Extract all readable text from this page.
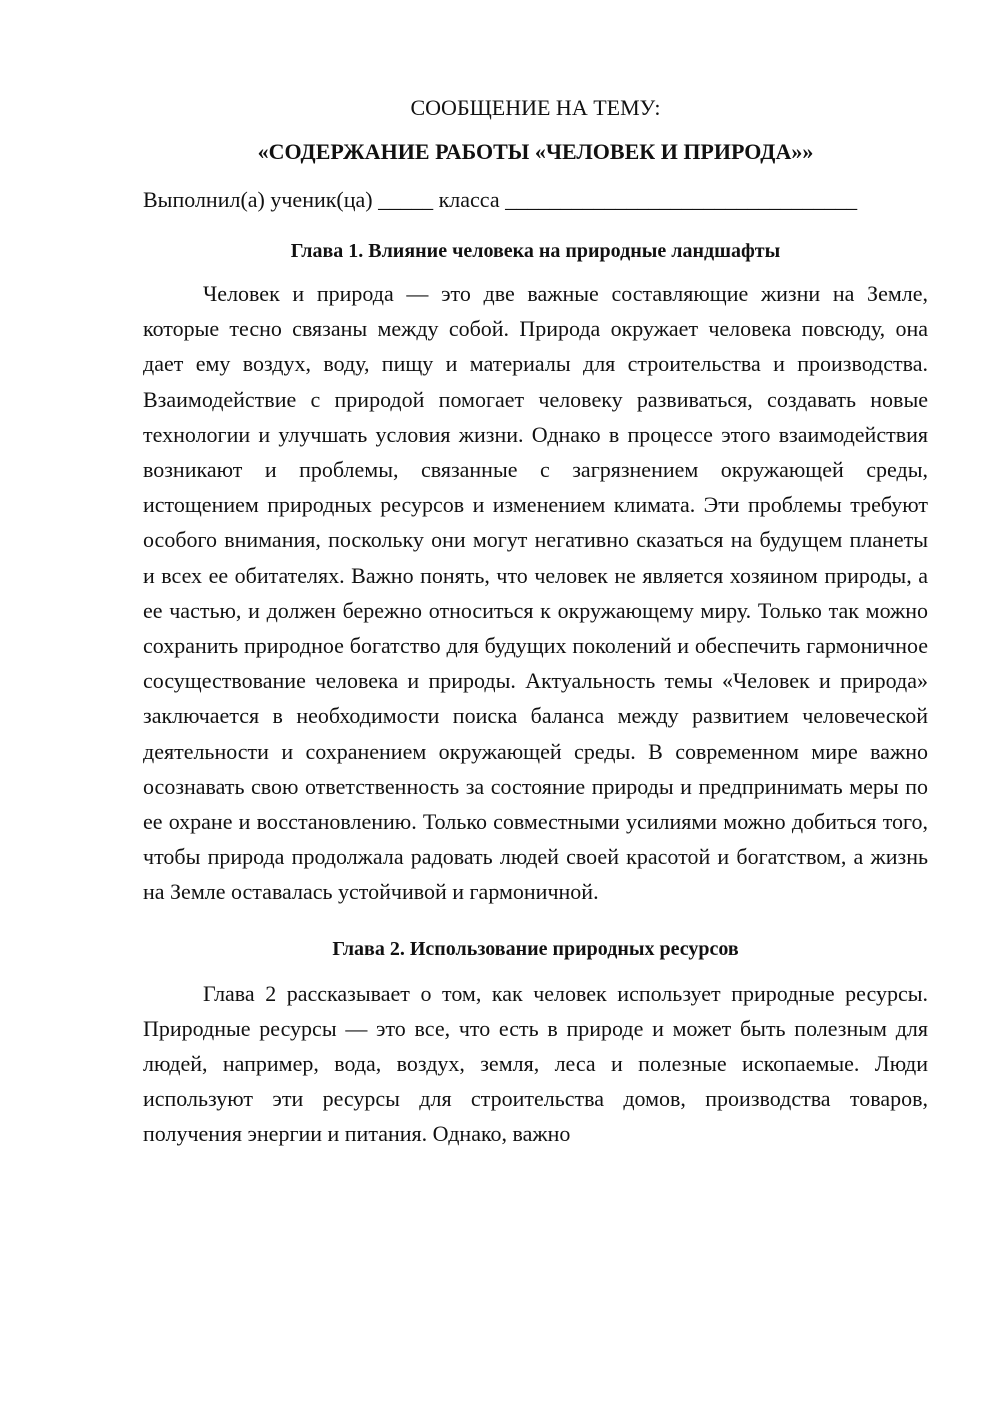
СООБЩЕНИЕ НА ТЕМУ:

«СОДЕРЖАНИЕ РАБОТЫ «ЧЕЛОВЕК И ПРИРОДА»»

Выполнил(а) ученик(ца) _____ класса ________________________________

Глава 1. Влияние человека на природные ландшафты

Человек и природа — это две важные составляющие жизни на Земле, которые тесно связаны между собой. Природа окружает человека повсюду, она дает ему воздух, воду, пищу и материалы для строительства и производства. Взаимодействие с природой помогает человеку развиваться, создавать новые технологии и улучшать условия жизни. Однако в процессе этого взаимодействия возникают и проблемы, связанные с загрязнением окружающей среды, истощением природных ресурсов и изменением климата. Эти проблемы требуют особого внимания, поскольку они могут негативно сказаться на будущем планеты и всех ее обитателях. Важно понять, что человек не является хозяином природы, а ее частью, и должен бережно относиться к окружающему миру. Только так можно сохранить природное богатство для будущих поколений и обеспечить гармоничное сосуществование человека и природы. Актуальность темы «Человек и природа» заключается в необходимости поиска баланса между развитием человеческой деятельности и сохранением окружающей среды. В современном мире важно осознавать свою ответственность за состояние природы и предпринимать меры по ее охране и восстановлению. Только совместными усилиями можно добиться того, чтобы природа продолжала радовать людей своей красотой и богатством, а жизнь на Земле оставалась устойчивой и гармоничной.

Глава 2. Использование природных ресурсов

Глава 2 рассказывает о том, как человек использует природные ресурсы. Природные ресурсы — это все, что есть в природе и может быть полезным для людей, например, вода, воздух, земля, леса и полезные ископаемые. Люди используют эти ресурсы для строительства домов, производства товаров, получения энергии и питания. Однако, важно
